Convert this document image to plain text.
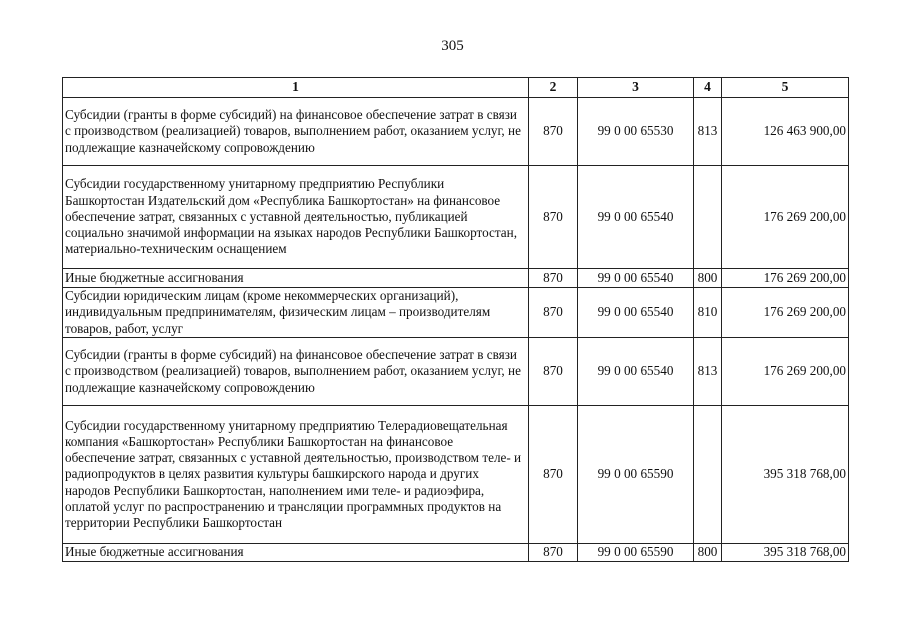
305
1	2	3	4	5
Субсидии (гранты в форме субсидий) на финансовое обеспечение затрат в связи с производством (реализацией) товаров, выполнением работ, оказанием услуг, не подлежащие казначейскому сопровождению	870	99 0 00 65530	813	126 463 900,00
Субсидии государственному унитарному предприятию Республики Башкортостан Издательский дом «Республика Башкортостан» на финансовое обеспечение затрат, связанных с уставной деятельностью, публикацией социально значимой информации на языках народов Республики Башкортостан, материально-техническим оснащением	870	99 0 00 65540		176 269 200,00
Иные бюджетные ассигнования	870	99 0 00 65540	800	176 269 200,00
Субсидии юридическим лицам (кроме некоммерческих организаций), индивидуальным предпринимателям, физическим лицам – производителям товаров, работ, услуг	870	99 0 00 65540	810	176 269 200,00
Субсидии (гранты в форме субсидий) на финансовое обеспечение затрат в связи с производством (реализацией) товаров, выполнением работ, оказанием услуг, не подлежащие казначейскому сопровождению	870	99 0 00 65540	813	176 269 200,00
Субсидии государственному унитарному предприятию Телерадиовещательная компания «Башкортостан» Республики Башкортостан на финансовое обеспечение затрат, связанных с уставной деятельностью, производством теле- и радиопродуктов в целях развития культуры башкирского народа и других народов Республики Башкортостан, наполнением ими теле- и радиоэфира, оплатой услуг по распространению и трансляции программных продуктов на территории Республики Башкортостан	870	99 0 00 65590		395 318 768,00
Иные бюджетные ассигнования	870	99 0 00 65590	800	395 318 768,00
